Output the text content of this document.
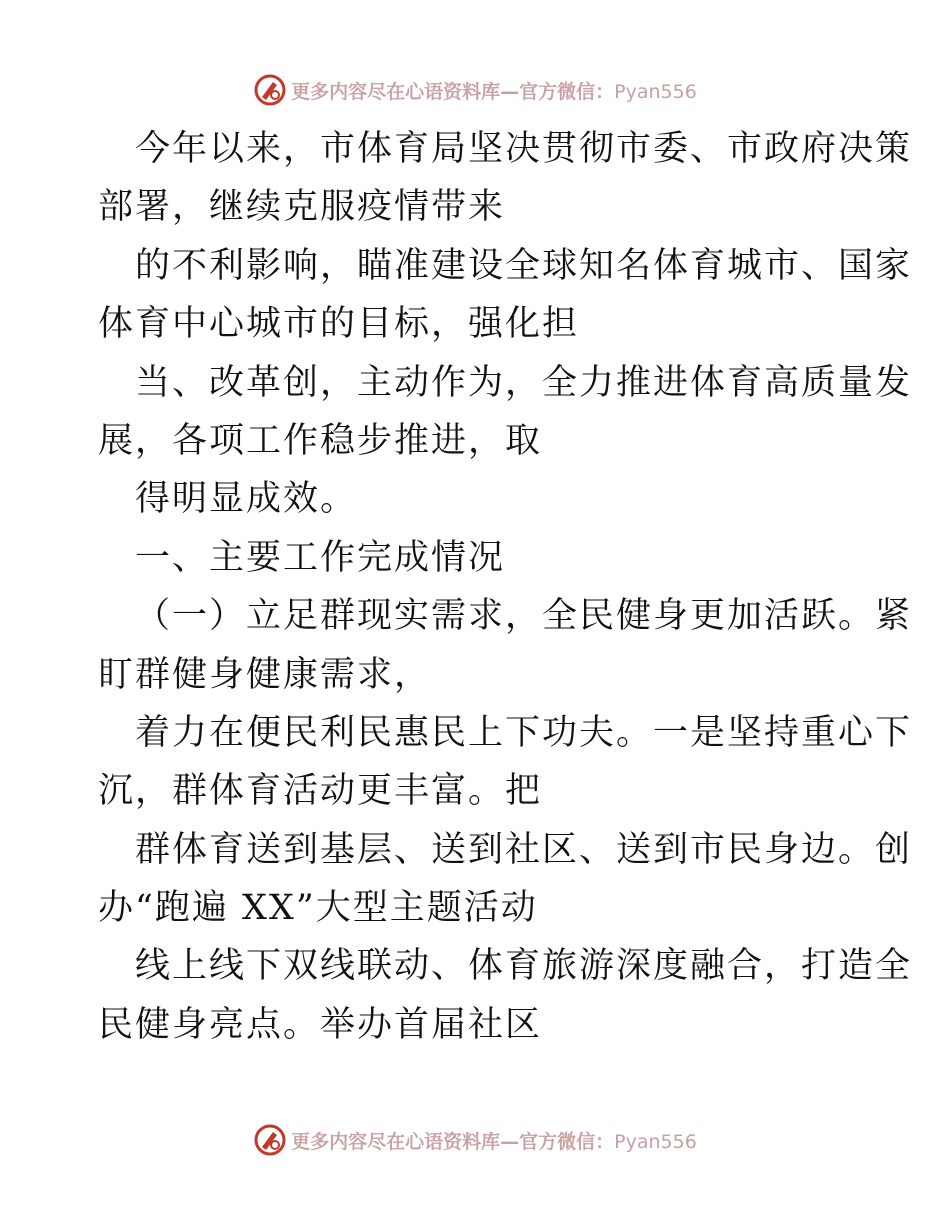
更多内容尽在心语资料库—官方微信：Pyan556
今年以来，市体育局坚决贯彻市委、市政府决策
部署，继续克服疫情带来
的不利影响，瞄准建设全球知名体育城市、国家
体育中心城市的目标，强化担
当、改革创，主动作为，全力推进体育高质量发
展，各项工作稳步推进，取
得明显成效。
一、主要工作完成情况
（一）立足群现实需求，全民健身更加活跃。紧
盯群健身健康需求，
着力在便民利民惠民上下功夫。一是坚持重心下
沉，群体育活动更丰富。把
群体育送到基层、送到社区、送到市民身边。创
办“跑遍 XX”大型主题活动
线上线下双线联动、体育旅游深度融合，打造全
民健身亮点。举办首届社区
更多内容尽在心语资料库—官方微信：Pyan556
